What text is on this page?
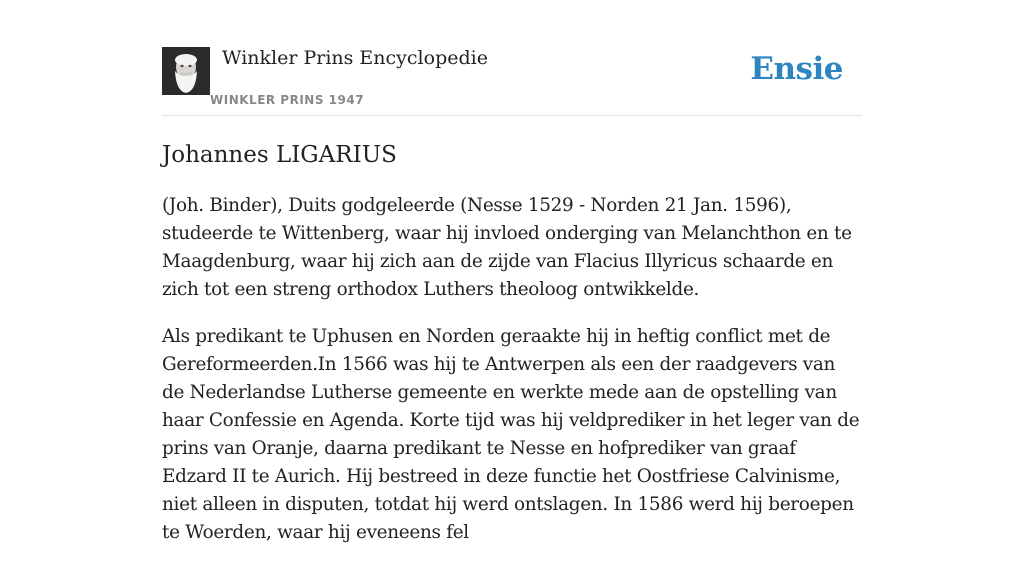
Winkler Prins Encyclopedie
WINKLER PRINS 1947
Ensie
Johannes LIGARIUS

(Joh. Binder), Duits godgeleerde (Nesse 1529 - Norden 21 Jan. 1596), studeerde te Wittenberg, waar hij invloed onderging van Melanchthon en te Maagdenburg, waar hij zich aan de zijde van Flacius Illyricus schaarde en zich tot een streng orthodox Luthers theoloog ontwikkelde.

Als predikant te Uphusen en Norden geraakte hij in heftig conflict met de Gereformeerden.In 1566 was hij te Antwerpen als een der raadgevers van de Nederlandse Lutherse gemeente en werkte mede aan de opstelling van haar Confessie en Agenda. Korte tijd was hij veldprediker in het leger van de prins van Oranje, daarna predikant te Nesse en hofprediker van graaf Edzard II te Aurich. Hij bestreed in deze functie het Oostfriese Calvinisme, niet alleen in disputen, totdat hij werd ontslagen. In 1586 werd hij beroepen te Woerden, waar hij eveneens fel
